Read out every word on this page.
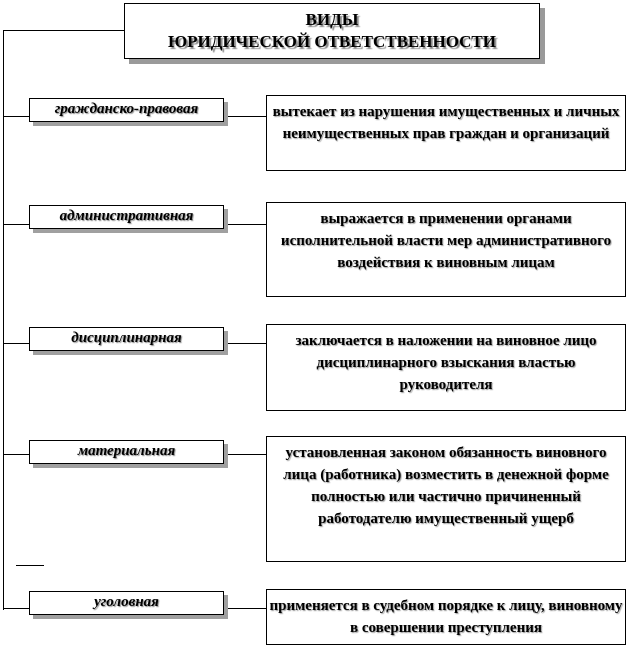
ВИДЫ
ЮРИДИЧЕСКОЙ ОТВЕТСТВЕННОСТИ
гражданско-правовая	вытекает из нарушения имущественных и личных неимущественных прав граждан и организаций
административная	выражается в применении органами исполнительной власти мер административного воздействия к виновным лицам
дисциплинарная	заключается в наложении на виновное лицо дисциплинарного взыскания властью руководителя
материальная	установленная законом обязанность виновного лица (работника) возместить в денежной форме полностью или частично причиненный работодателю имущественный ущерб
уголовная	применяется в судебном порядке к лицу, виновному в совершении преступления
